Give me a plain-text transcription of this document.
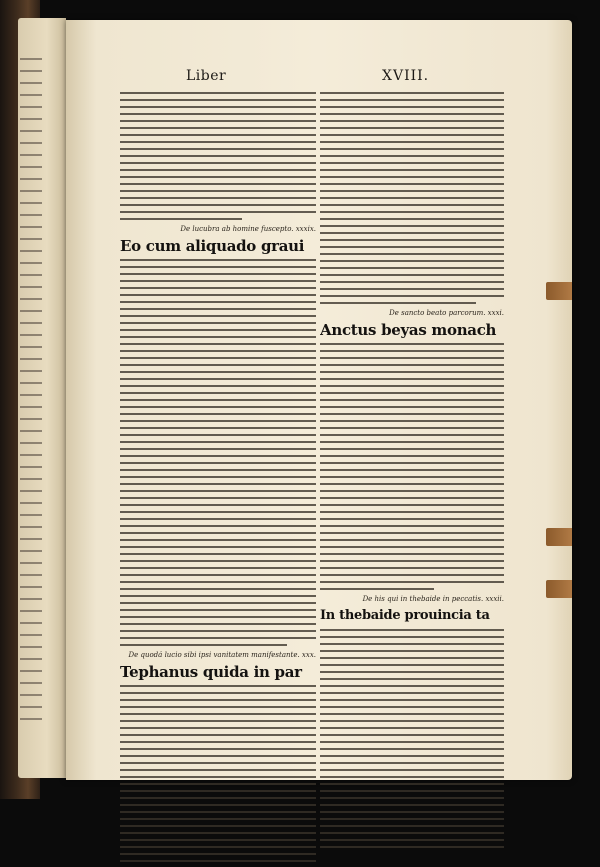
Liber	XVIII.
De lucubra ab homine fuscepto. xxxix.
Eo cum aliquado graui
De quodá lucio sibi ipsi vanitatem manifestante. xxx.
Tephanus quida in par
De sancto beato parcorum. xxxi.
Anctus beyas monach
De his qui in thebaide in peccatis. xxxii.
In thebaide prouincia ta
